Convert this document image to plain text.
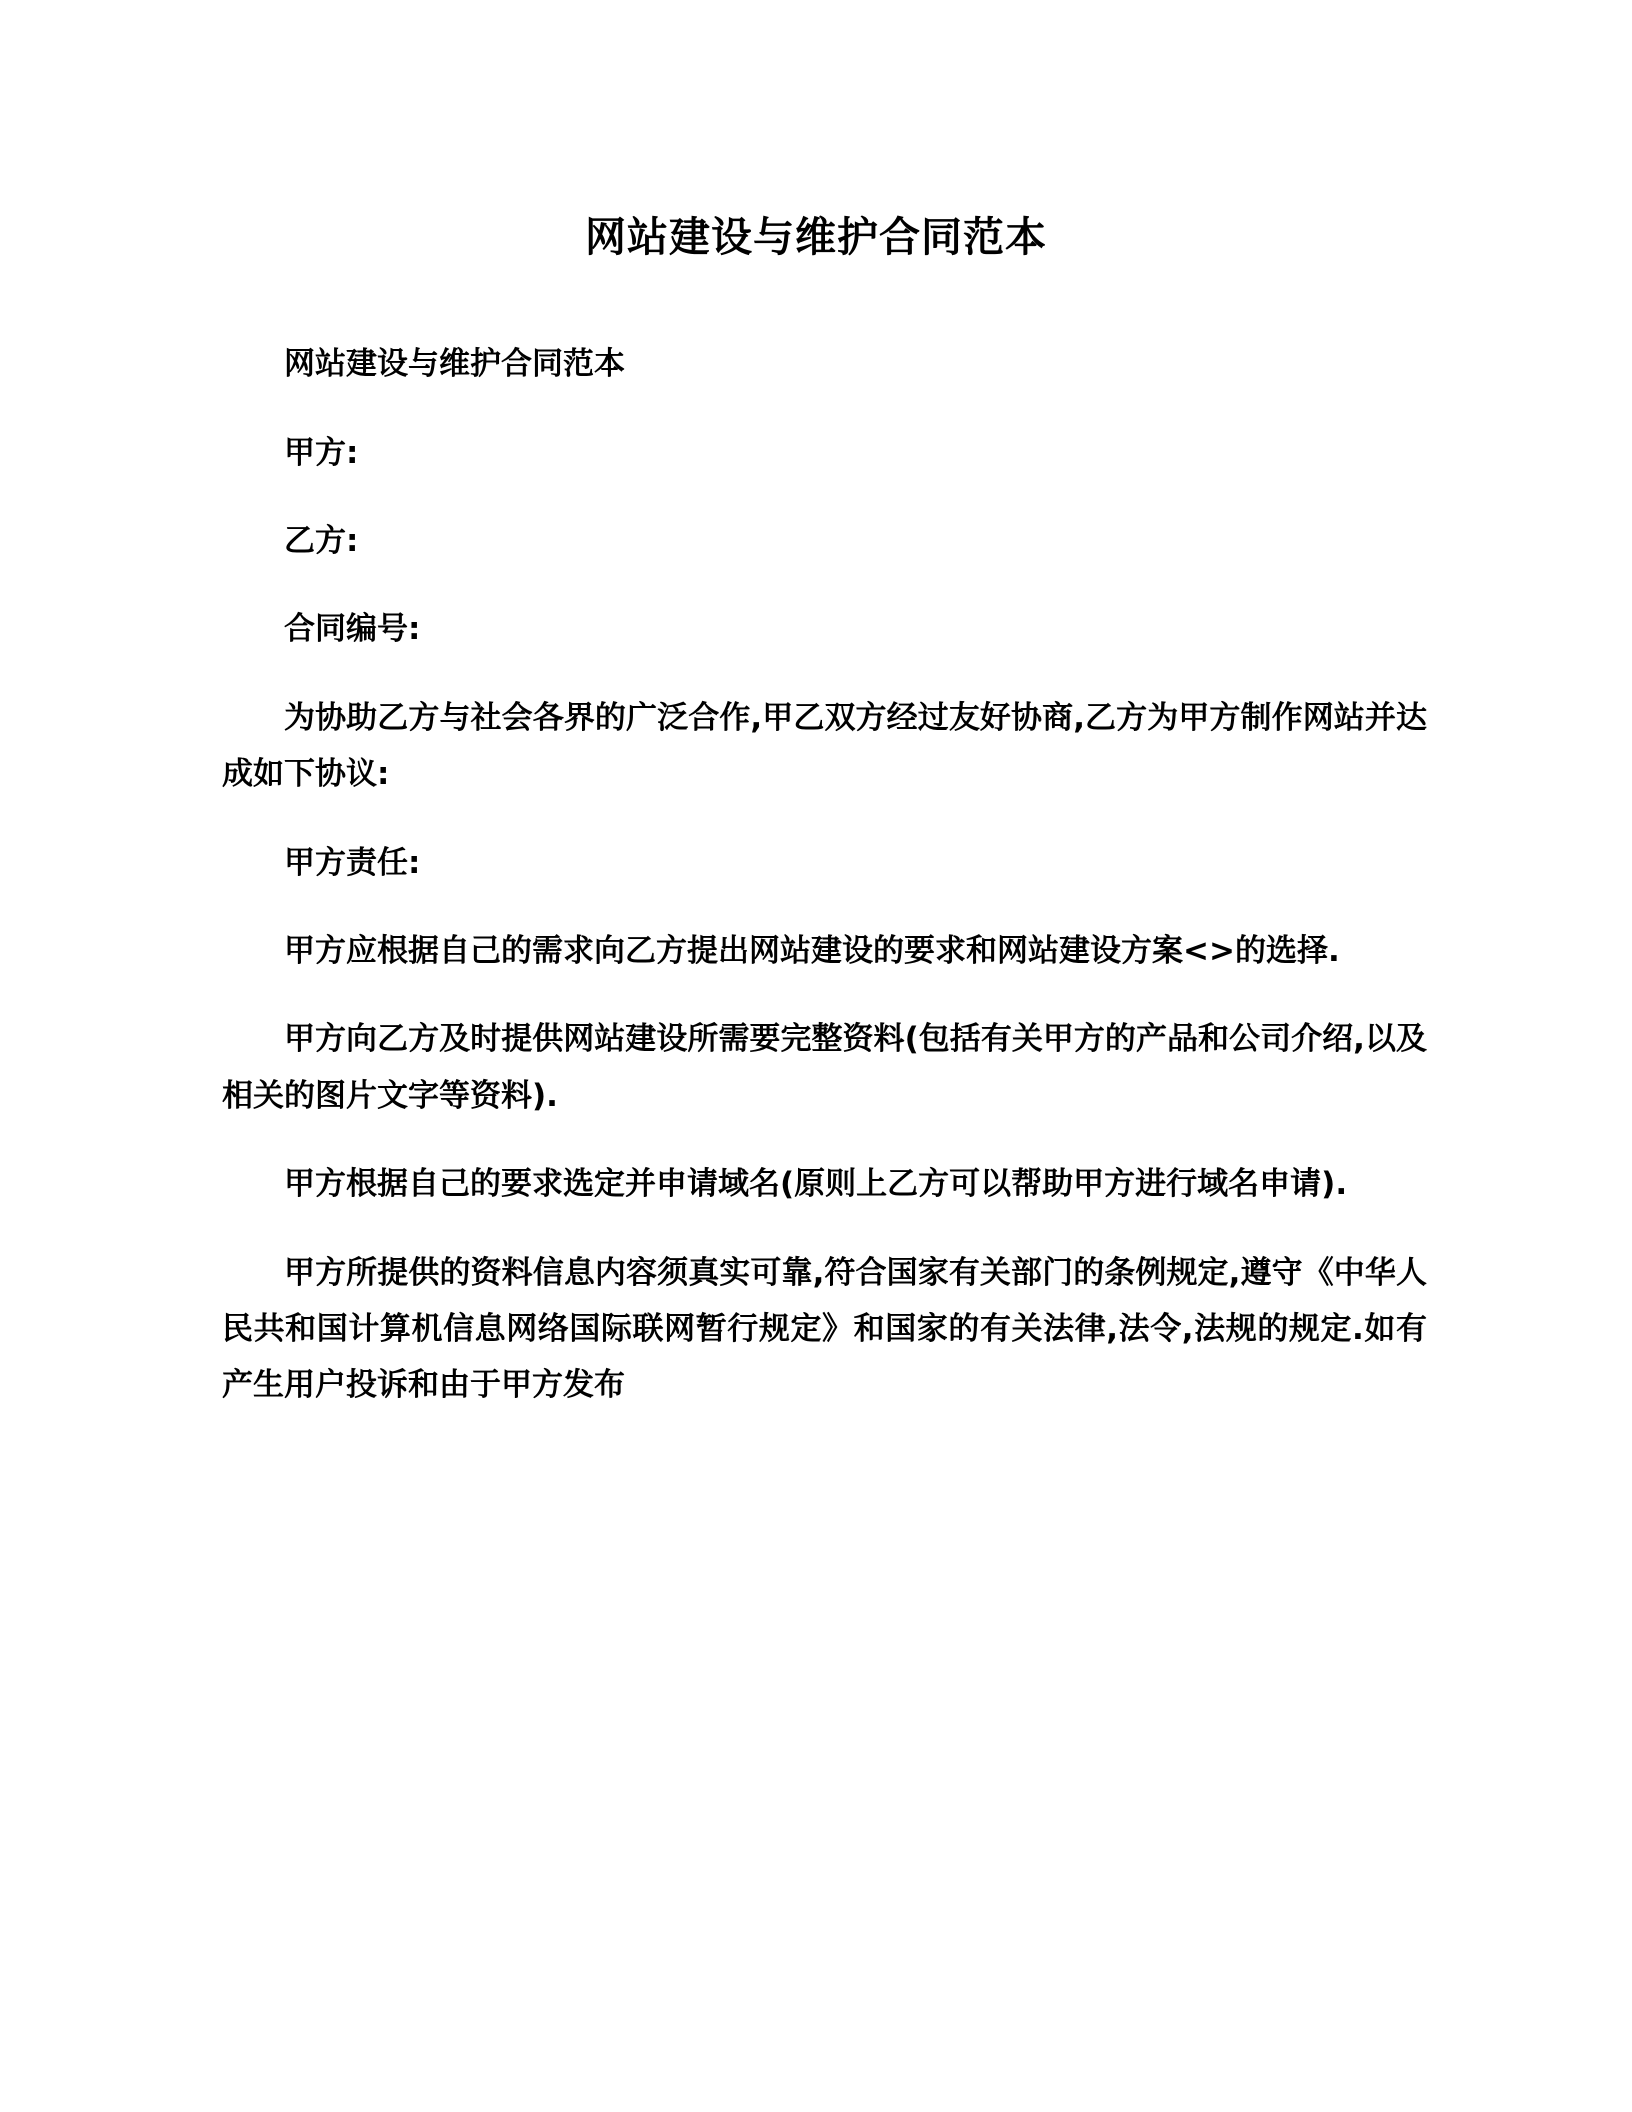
网站建设与维护合同范本

网站建设与维护合同范本

甲方:

乙方:

合同编号:

为协助乙方与社会各界的广泛合作,甲乙双方经过友好协商,乙方为甲方制作网站并达成如下协议:

甲方责任:

甲方应根据自己的需求向乙方提出网站建设的要求和网站建设方案<>的选择.

甲方向乙方及时提供网站建设所需要完整资料(包括有关甲方的产品和公司介绍,以及相关的图片文字等资料).

甲方根据自己的要求选定并申请域名(原则上乙方可以帮助甲方进行域名申请).

甲方所提供的资料信息内容须真实可靠,符合国家有关部门的条例规定,遵守《中华人民共和国计算机信息网络国际联网暂行规定》和国家的有关法律,法令,法规的规定.如有产生用户投诉和由于甲方发布
